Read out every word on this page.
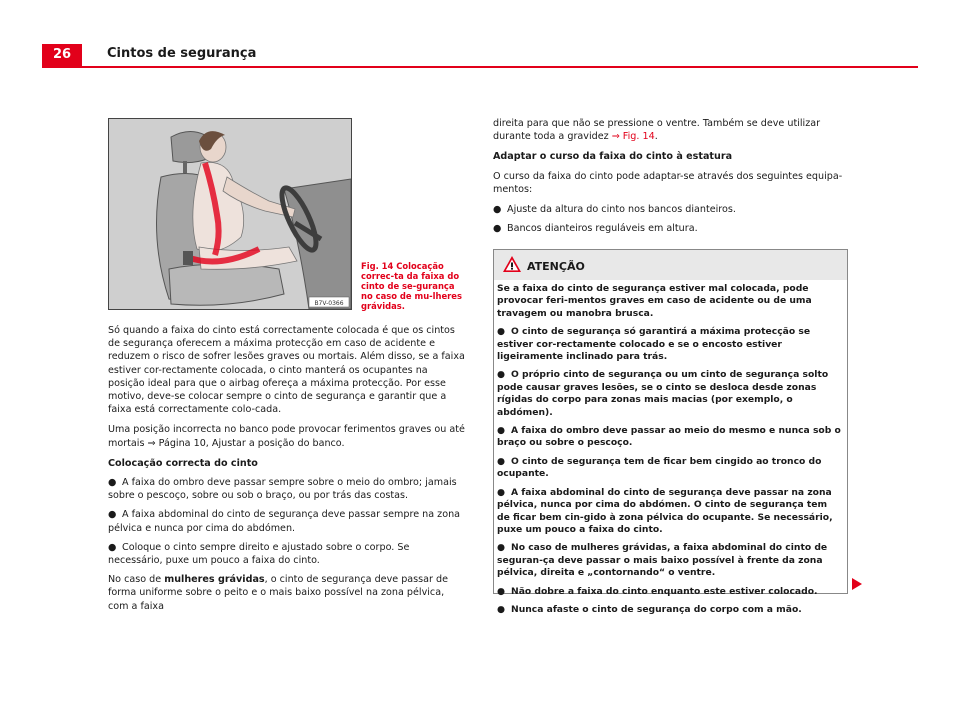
26	Cintos de segurança
B7V-0366
Fig. 14 Colocação correc-ta da faixa do cinto de se-gurança no caso de mu-lheres grávidas.

Só quando a faixa do cinto está correctamente colocada é que os cintos de segurança oferecem a máxima protecção em caso de acidente e reduzem o risco de sofrer lesões graves ou mortais. Além disso, se a faixa estiver cor-rectamente colocada, o cinto manterá os ocupantes na posição ideal para que o airbag ofereça a máxima protecção. Por esse motivo, deve-se colocar sempre o cinto de segurança e garantir que a faixa está correctamente colo-cada.

Uma posição incorrecta no banco pode provocar ferimentos graves ou até mortais ⇒ Página 10, Ajustar a posição do banco.

Colocação correcta do cinto
● A faixa do ombro deve passar sempre sobre o meio do ombro; jamais sobre o pescoço, sobre ou sob o braço, ou por trás das costas.
● A faixa abdominal do cinto de segurança deve passar sempre na zona pélvica e nunca por cima do abdómen.
● Coloque o cinto sempre direito e ajustado sobre o corpo. Se necessário, puxe um pouco a faixa do cinto.

No caso de mulheres grávidas, o cinto de segurança deve passar de forma uniforme sobre o peito e o mais baixo possível na zona pélvica, com a faixa

direita para que não se pressione o ventre. Também se deve utilizar durante toda a gravidez ⇒ Fig. 14.

Adaptar o curso da faixa do cinto à estatura

O curso da faixa do cinto pode adaptar-se através dos seguintes equipa-mentos:

● Ajuste da altura do cinto nos bancos dianteiros.
● Bancos dianteiros reguláveis em altura.
ATENÇÃO

Se a faixa do cinto de segurança estiver mal colocada, pode provocar feri-mentos graves em caso de acidente ou de uma travagem ou manobra brusca.

● O cinto de segurança só garantirá a máxima protecção se estiver cor-rectamente colocado e se o encosto estiver ligeiramente inclinado para trás.
● O próprio cinto de segurança ou um cinto de segurança solto pode causar graves lesões, se o cinto se desloca desde zonas rígidas do corpo para zonas mais macias (por exemplo, o abdómen).
● A faixa do ombro deve passar ao meio do mesmo e nunca sob o braço ou sobre o pescoço.
● O cinto de segurança tem de ficar bem cingido ao tronco do ocupante.
● A faixa abdominal do cinto de segurança deve passar na zona pélvica, nunca por cima do abdómen. O cinto de segurança tem de ficar bem cin-gido à zona pélvica do ocupante. Se necessário, puxe um pouco a faixa do cinto.
● No caso de mulheres grávidas, a faixa abdominal do cinto de seguran-ça deve passar o mais baixo possível à frente da zona pélvica, direita e „contornando“ o ventre.
● Não dobre a faixa do cinto enquanto este estiver colocado.
● Nunca afaste o cinto de segurança do corpo com a mão.
